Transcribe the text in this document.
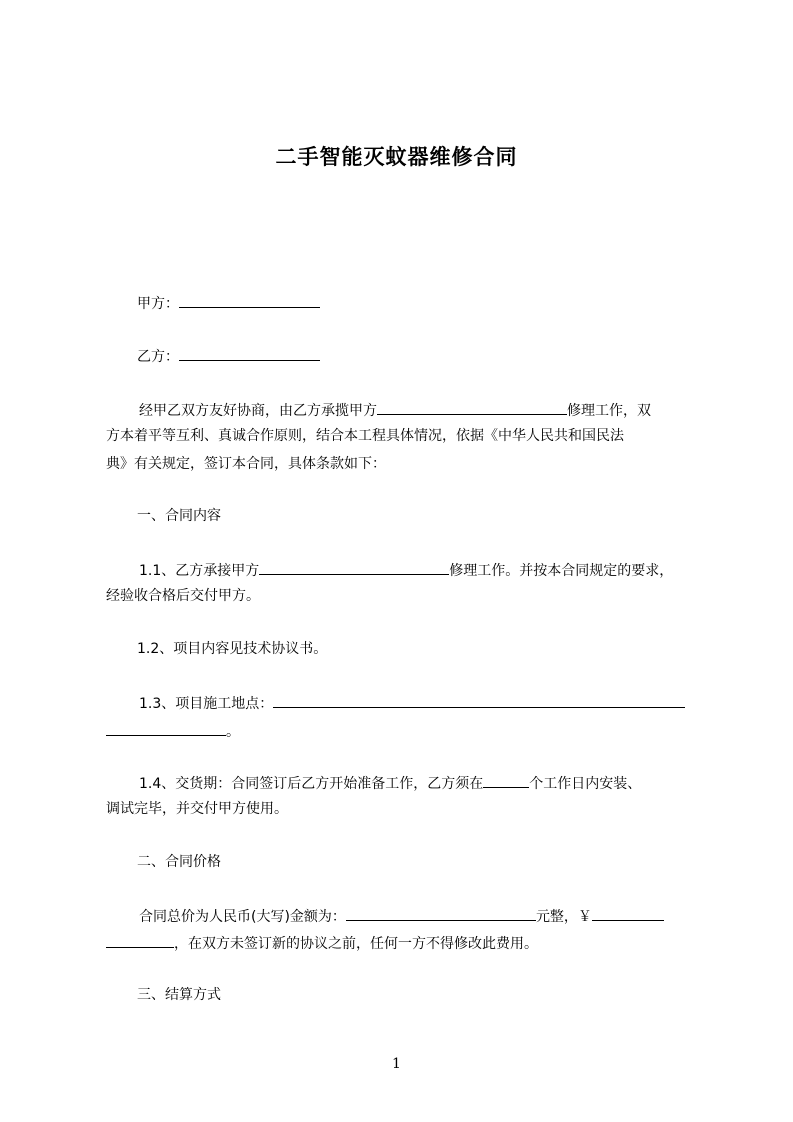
二手智能灭蚊器维修合同
甲方：
乙方：
经甲乙双方友好协商，由乙方承揽甲方	修理工作，双
方本着平等互利、真诚合作原则，结合本工程具体情况，依据《中华人民共和国民法
典》有关规定，签订本合同，具体条款如下：
一、合同内容
1.1、乙方承接甲方	修理工作。并按本合同规定的要求，
经验收合格后交付甲方。
1.2、项目内容见技术协议书。
1.3、项目施工地点：
。
1.4、交货期：合同签订后乙方开始准备工作，乙方须在	个工作日内安装、
调试完毕，并交付甲方使用。
二、合同价格
合同总价为人民币(大写)金额为：	元整，￥
，在双方未签订新的协议之前，任何一方不得修改此费用。
三、结算方式
1
